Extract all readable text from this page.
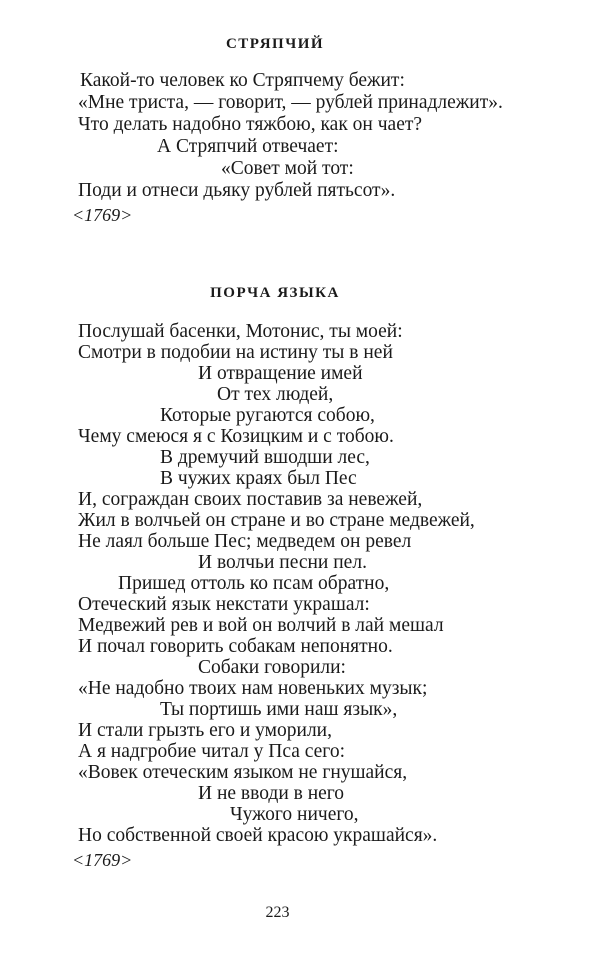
СТРЯПЧИЙ
Какой-то человек ко Стряпчему бежит:
«Мне триста, — говорит, — рублей принадлежит».
Что делать надобно тяжбою, как он чает?
А Стряпчий отвечает:
«Совет мой тот:
Поди и отнеси дьяку рублей пятьсот».
<1769>
ПОРЧА ЯЗЫКА
Послушай басенки, Мотонис, ты моей:
Смотри в подобии на истину ты в ней
И отвращение имей
От тех людей,
Которые ругаются собою,
Чему смеюся я с Козицким и с тобою.
В дремучий вшодши лес,
В чужих краях был Пес
И, сограждан своих поставив за невежей,
Жил в волчьей он стране и во стране медвежей,
Не лаял больше Пес; медведем он ревел
И волчьи песни пел.
Пришед оттоль ко псам обратно,
Отеческий язык некстати украшал:
Медвежий рев и вой он волчий в лай мешал
И почал говорить собакам непонятно.
Собаки говорили:
«Не надобно твоих нам новеньких музык;
Ты портишь ими наш язык»,
И стали грызть его и уморили,
А я надгробие читал у Пса сего:
«Вовек отеческим языком не гнушайся,
И не вводи в него
Чужого ничего,
Но собственной своей красою украшайся».
<1769>
223
